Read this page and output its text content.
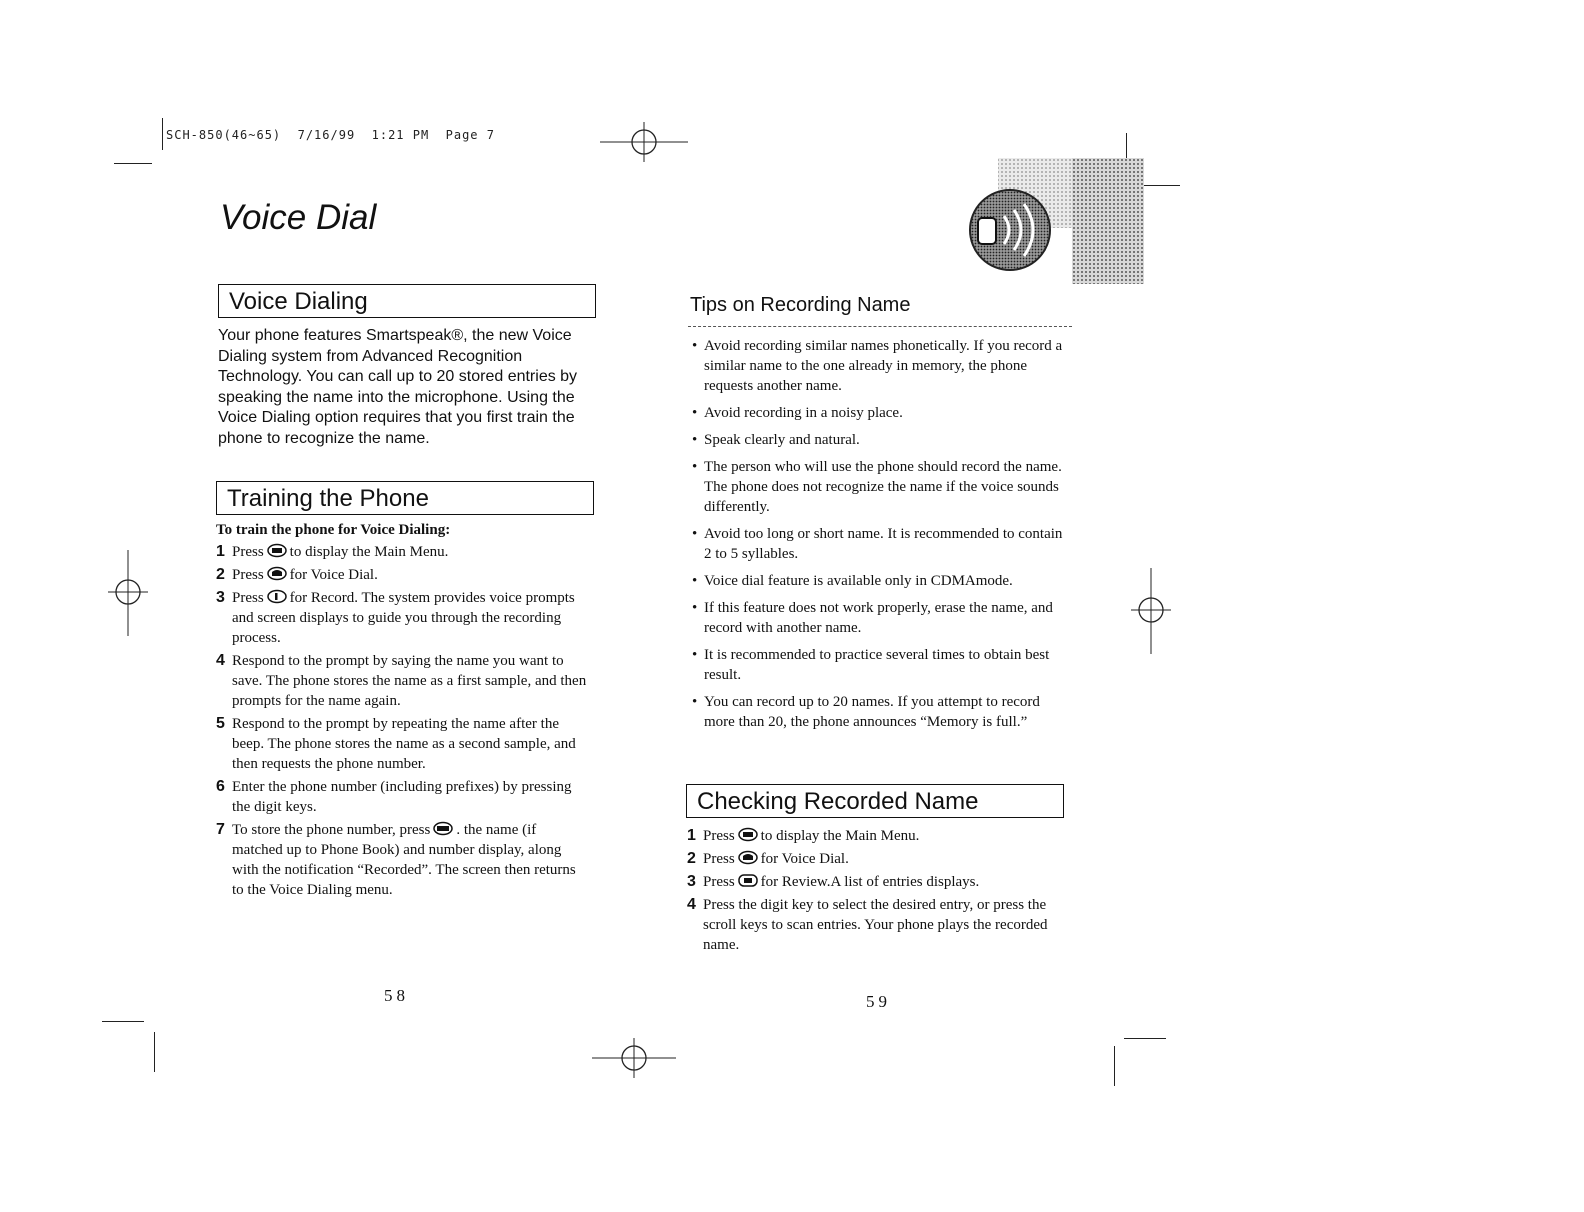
SCH-850(46~65)  7/16/99  1:21 PM  Page 7
Voice Dial
Voice Dialing
Your phone features Smartspeak®, the new Voice Dialing system from Advanced Recognition Technology. You can call up to 20 stored entries by speaking the name into the microphone. Using the Voice Dialing option requires that you first train the phone to recognize the name.
Training the Phone
To train the phone for Voice Dialing:
1 Press to display the Main Menu.
2 Press for Voice Dial.
3 Press for Record. The system provides voice prompts and screen displays to guide you through the recording process.
4 Respond to the prompt by saying the name you want to save. The phone stores the name as a first sample, and then prompts for the name again.
5 Respond to the prompt by repeating the name after the beep. The phone stores the name as a second sample, and then requests the phone number.
6 Enter the phone number (including prefixes) by pressing the digit keys.
7 To store the phone number, press . the name (if matched up to Phone Book) and number display, along with the notification “Recorded”. The screen then returns to the Voice Dialing menu.
58
Tips on Recording Name
• Avoid recording similar names phonetically. If you record a similar name to the one already in memory, the phone requests another name.
• Avoid recording in a noisy place.
• Speak clearly and natural.
• The person who will use the phone should record the name. The phone does not recognize the name if the voice sounds differently.
• Avoid too long or short name. It is recommended to contain 2 to 5 syllables.
• Voice dial feature is available only in CDMAmode.
• If this feature does not work properly, erase the name, and record with another name.
• It is recommended to practice several times to obtain best result.
• You can record up to 20 names. If you attempt to record more than 20, the phone announces “Memory is full.”
Checking Recorded Name
1 Press to display the Main Menu.
2 Press for Voice Dial.
3 Press for Review.A list of entries displays.
4 Press the digit key to select the desired entry, or press the scroll keys to scan entries. Your phone plays the recorded name.
59
